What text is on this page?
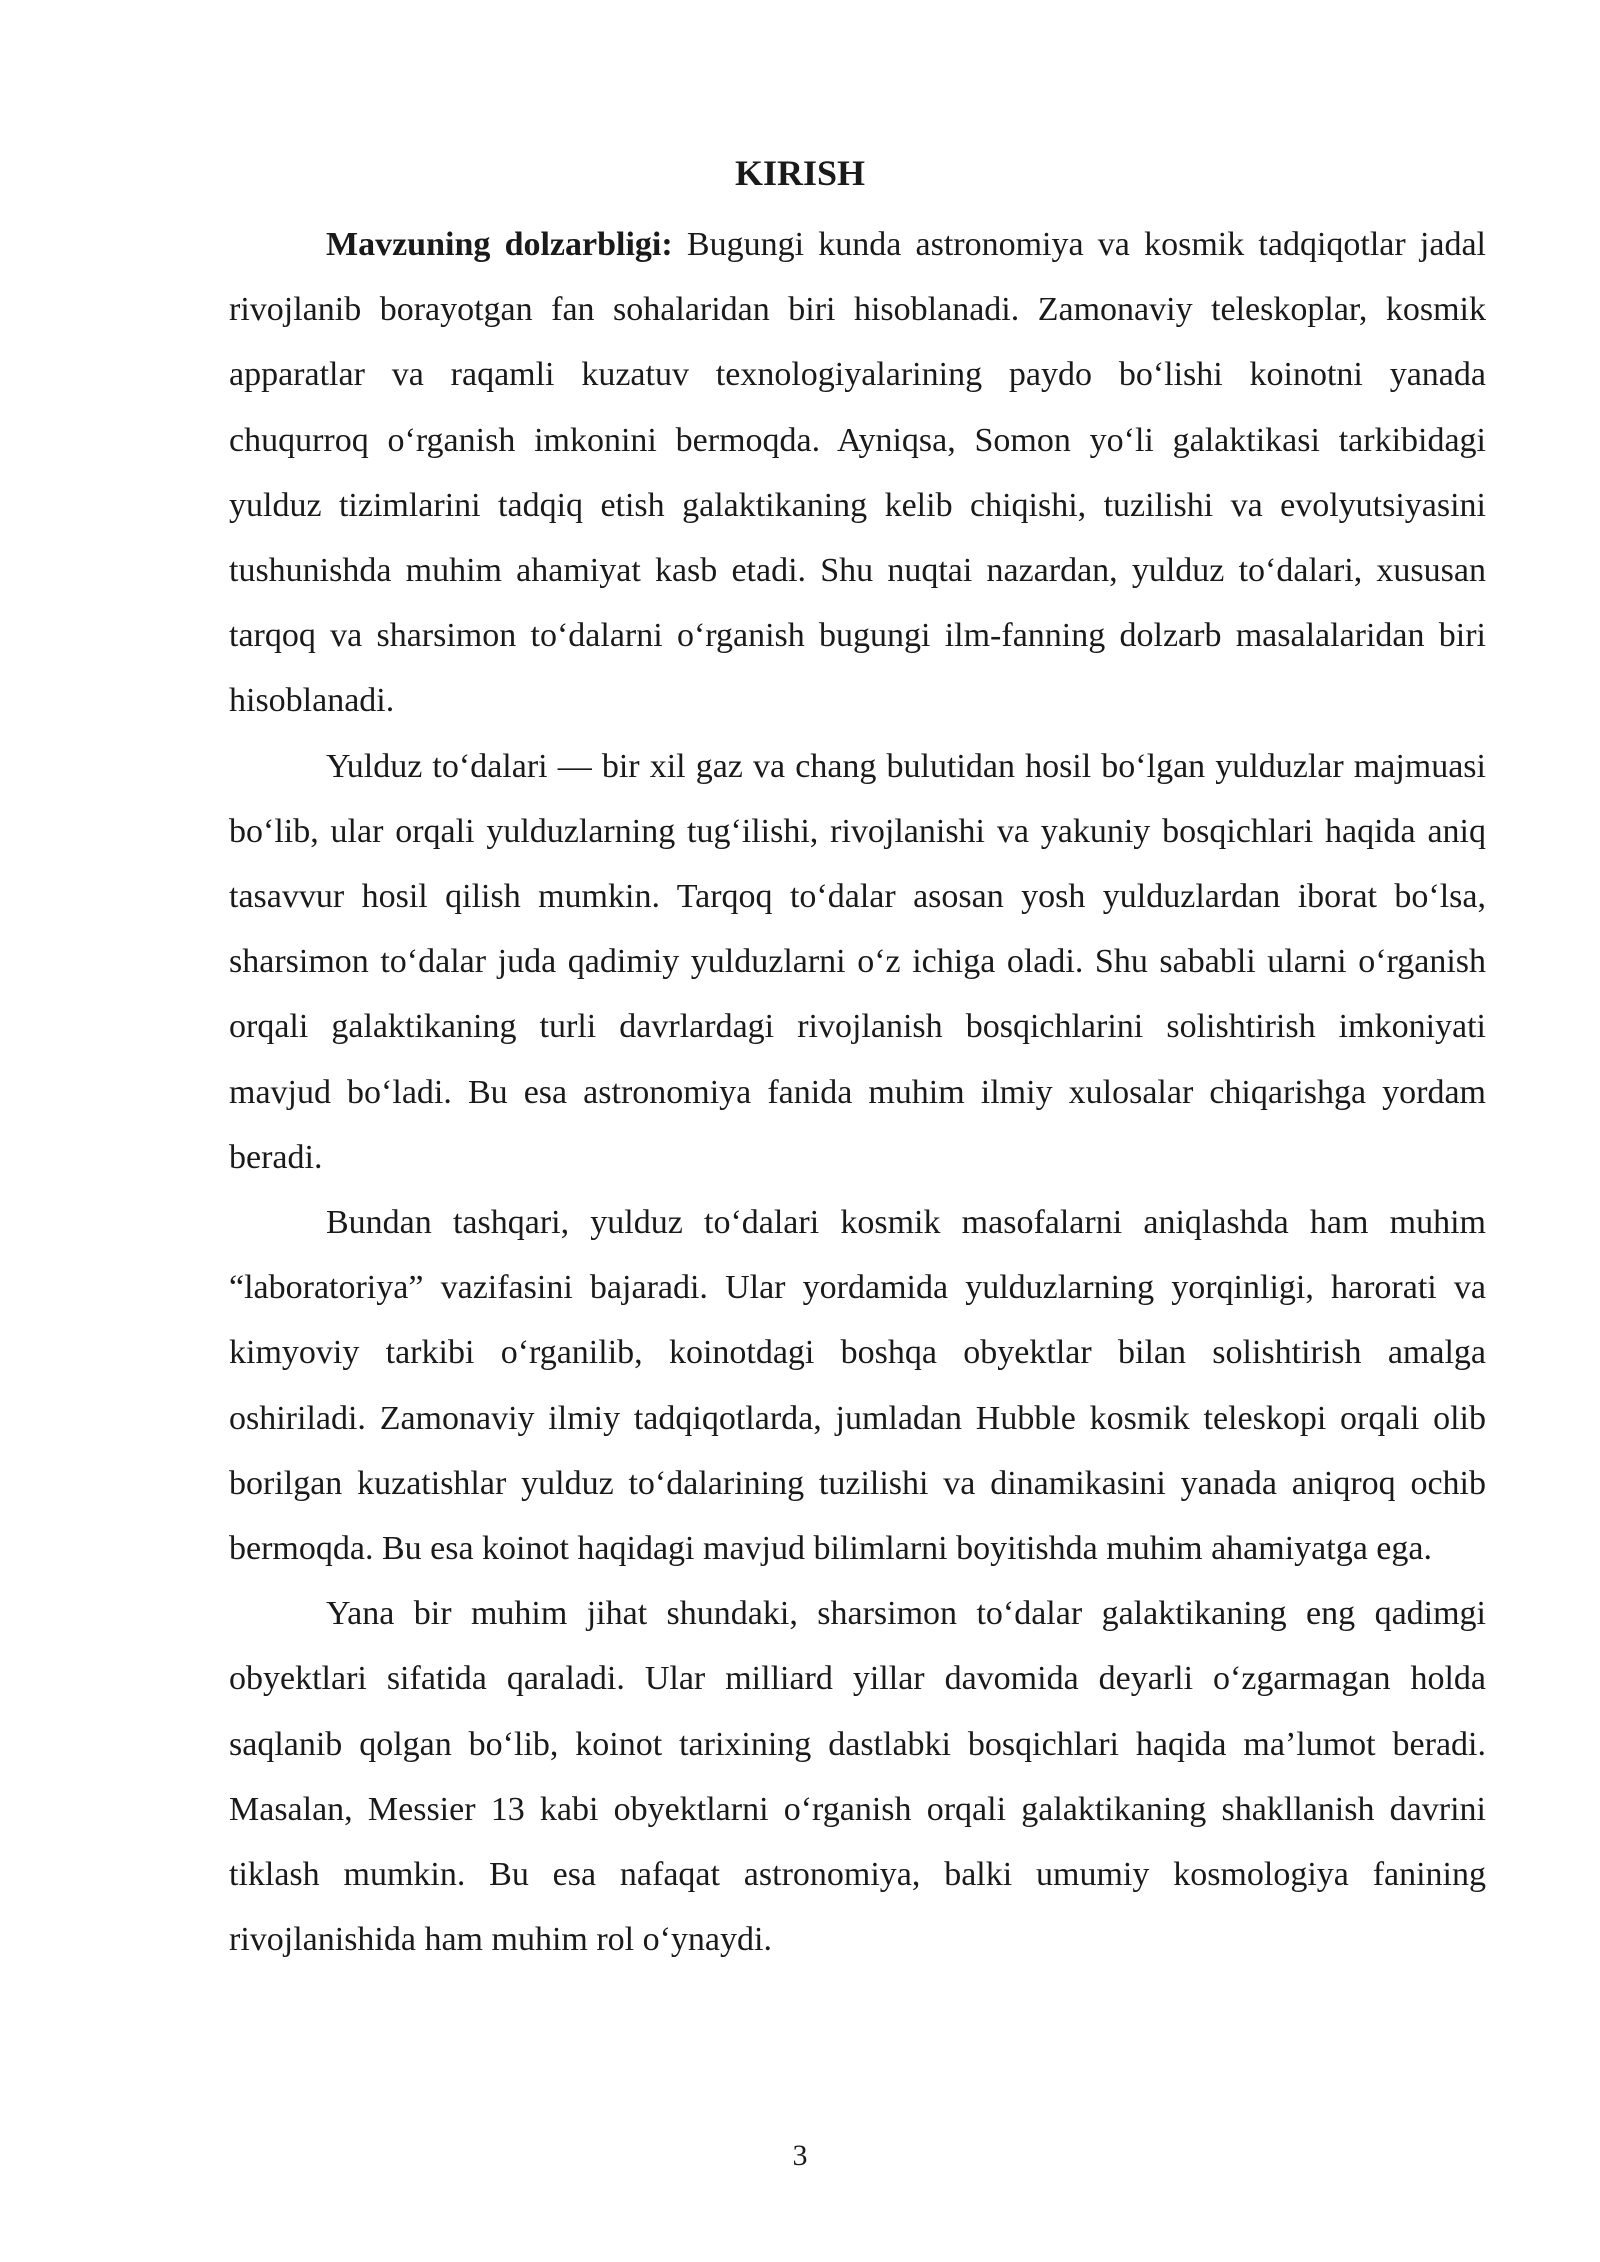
KIRISH

Mavzuning dolzarbligi: Bugungi kunda astronomiya va kosmik tadqiqotlar jadal rivojlanib borayotgan fan sohalaridan biri hisoblanadi. Zamonaviy teleskoplar, kosmik apparatlar va raqamli kuzatuv texnologiyalarining paydo bo‘lishi koinotni yanada chuqurroq o‘rganish imkonini bermoqda. Ayniqsa, Somon yo‘li galaktikasi tarkibidagi yulduz tizimlarini tadqiq etish galaktikaning kelib chiqishi, tuzilishi va evolyutsiyasini tushunishda muhim ahamiyat kasb etadi. Shu nuqtai nazardan, yulduz to‘dalari, xususan tarqoq va sharsimon to‘dalarni o‘rganish bugungi ilm-fanning dolzarb masalalaridan biri hisoblanadi.

Yulduz to‘dalari — bir xil gaz va chang bulutidan hosil bo‘lgan yulduzlar majmuasi bo‘lib, ular orqali yulduzlarning tug‘ilishi, rivojlanishi va yakuniy bosqichlari haqida aniq tasavvur hosil qilish mumkin. Tarqoq to‘dalar asosan yosh yulduzlardan iborat bo‘lsa, sharsimon to‘dalar juda qadimiy yulduzlarni o‘z ichiga oladi. Shu sababli ularni o‘rganish orqali galaktikaning turli davrlardagi rivojlanish bosqichlarini solishtirish imkoniyati mavjud bo‘ladi. Bu esa astronomiya fanida muhim ilmiy xulosalar chiqarishga yordam beradi.

Bundan tashqari, yulduz to‘dalari kosmik masofalarni aniqlashda ham muhim “laboratoriya” vazifasini bajaradi. Ular yordamida yulduzlarning yorqinligi, harorati va kimyoviy tarkibi o‘rganilib, koinotdagi boshqa obyektlar bilan solishtirish amalga oshiriladi. Zamonaviy ilmiy tadqiqotlarda, jumladan Hubble kosmik teleskopi orqali olib borilgan kuzatishlar yulduz to‘dalarining tuzilishi va dinamikasini yanada aniqroq ochib bermoqda. Bu esa koinot haqidagi mavjud bilimlarni boyitishda muhim ahamiyatga ega.

Yana bir muhim jihat shundaki, sharsimon to‘dalar galaktikaning eng qadimgi obyektlari sifatida qaraladi. Ular milliard yillar davomida deyarli o‘zgarmagan holda saqlanib qolgan bo‘lib, koinot tarixining dastlabki bosqichlari haqida ma’lumot beradi. Masalan, Messier 13 kabi obyektlarni o‘rganish orqali galaktikaning shakllanish davrini tiklash mumkin. Bu esa nafaqat astronomiya, balki umumiy kosmologiya fanining rivojlanishida ham muhim rol o‘ynaydi.

3
